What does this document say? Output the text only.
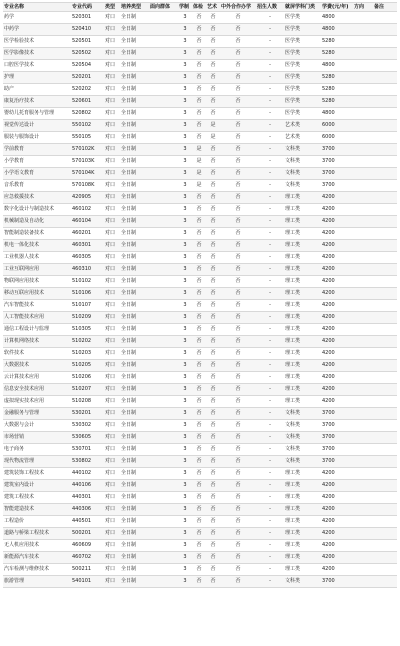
专业名称	专业代码	类型	培养类型	面向群体	学制	体检	艺术	中外合作办学	招生人数	就屏学科门类	学费(元/年)	方向	备注
药学	520301	对口	全日制		3	否	否	否	-	医学类	4800		
中药学	520410	对口	全日制		3	否	否	否	-	医学类	4800		
医学检验技术	520501	对口	全日制		3	否	否	否	-	医学类	5280		
医学影像技术	520502	对口	全日制		3	否	否	否	-	医学类	5280		
口腔医学技术	520504	对口	全日制		3	否	否	否	-	医学类	4800		
护理	520201	对口	全日制		3	否	否	否	-	医学类	5280		
助产	520202	对口	全日制		3	否	否	否	-	医学类	5280		
康复治疗技术	520601	对口	全日制		3	否	否	否	-	医学类	5280		
婴幼儿托育服务与管理	520802	对口	全日制		3	否	否	否	-	医学类	4800		
视觉传达设计	550102	对口	全日制		3	否	是	否	-	艺术类	6000		
服装与服饰设计	550105	对口	全日制		3	否	是	否	-	艺术类	6000		
学前教育	570102K	对口	全日制		3	是	否	否	-	文科类	3700		
小学教育	570103K	对口	全日制		3	是	否	否	-	文科类	3700		
小学语文教育	570104K	对口	全日制		3	是	否	否	-	文科类	3700		
音乐教育	570108K	对口	全日制		3	是	否	否	-	文科类	3700		
应急救援技术	420905	对口	全日制		3	否	否	否	-	理工类	4200		
数字化设计与制造技术	460102	对口	全日制		3	否	否	否	-	理工类	4200		
机械制造及自动化	460104	对口	全日制		3	否	否	否	-	理工类	4200		
智能制造装备技术	460201	对口	全日制		3	否	否	否	-	理工类	4200		
机电一体化技术	460301	对口	全日制		3	否	否	否	-	理工类	4200		
工业机器人技术	460305	对口	全日制		3	否	否	否	-	理工类	4200		
工业互联网应用	460310	对口	全日制		3	否	否	否	-	理工类	4200		
物联网应用技术	510102	对口	全日制		3	否	否	否	-	理工类	4200		
移动互联应用技术	510106	对口	全日制		3	否	否	否	-	理工类	4200		
汽车智能技术	510107	对口	全日制		3	否	否	否	-	理工类	4200		
人工智能技术应用	510209	对口	全日制		3	否	否	否	-	理工类	4200		
通信工程设计与监理	510305	对口	全日制		3	否	否	否	-	理工类	4200		
计算机网络技术	510202	对口	全日制		3	否	否	否	-	理工类	4200		
软件技术	510203	对口	全日制		3	否	否	否	-	理工类	4200		
大数据技术	510205	对口	全日制		3	否	否	否	-	理工类	4200		
云计算技术应用	510206	对口	全日制		3	否	否	否	-	理工类	4200		
信息安全技术应用	510207	对口	全日制		3	否	否	否	-	理工类	4200		
虚拟现实技术应用	510208	对口	全日制		3	否	否	否	-	理工类	4200		
金融服务与管理	530201	对口	全日制		3	否	否	否	-	文科类	3700		
大数据与会计	530302	对口	全日制		3	否	否	否	-	文科类	3700		
市场营销	530605	对口	全日制		3	否	否	否	-	文科类	3700		
电子商务	530701	对口	全日制		3	否	否	否	-	文科类	3700		
现代物流管理	530802	对口	全日制		3	否	否	否	-	文科类	3700		
建筑装饰工程技术	440102	对口	全日制		3	否	否	否	-	理工类	4200		
建筑室内设计	440106	对口	全日制		3	否	否	否	-	理工类	4200		
建筑工程技术	440301	对口	全日制		3	否	否	否	-	理工类	4200		
智能建造技术	440306	对口	全日制		3	否	否	否	-	理工类	4200		
工程造价	440501	对口	全日制		3	否	否	否	-	理工类	4200		
道路与桥梁工程技术	500201	对口	全日制		3	否	否	否	-	理工类	4200		
无人机应用技术	460609	对口	全日制		3	否	否	否	-	理工类	4200		
新能源汽车技术	460702	对口	全日制		3	否	否	否	-	理工类	4200		
汽车检测与维修技术	500211	对口	全日制		3	否	否	否	-	理工类	4200		
旅游管理	540101	对口	全日制		3	否	否	否	-	文科类	3700		
